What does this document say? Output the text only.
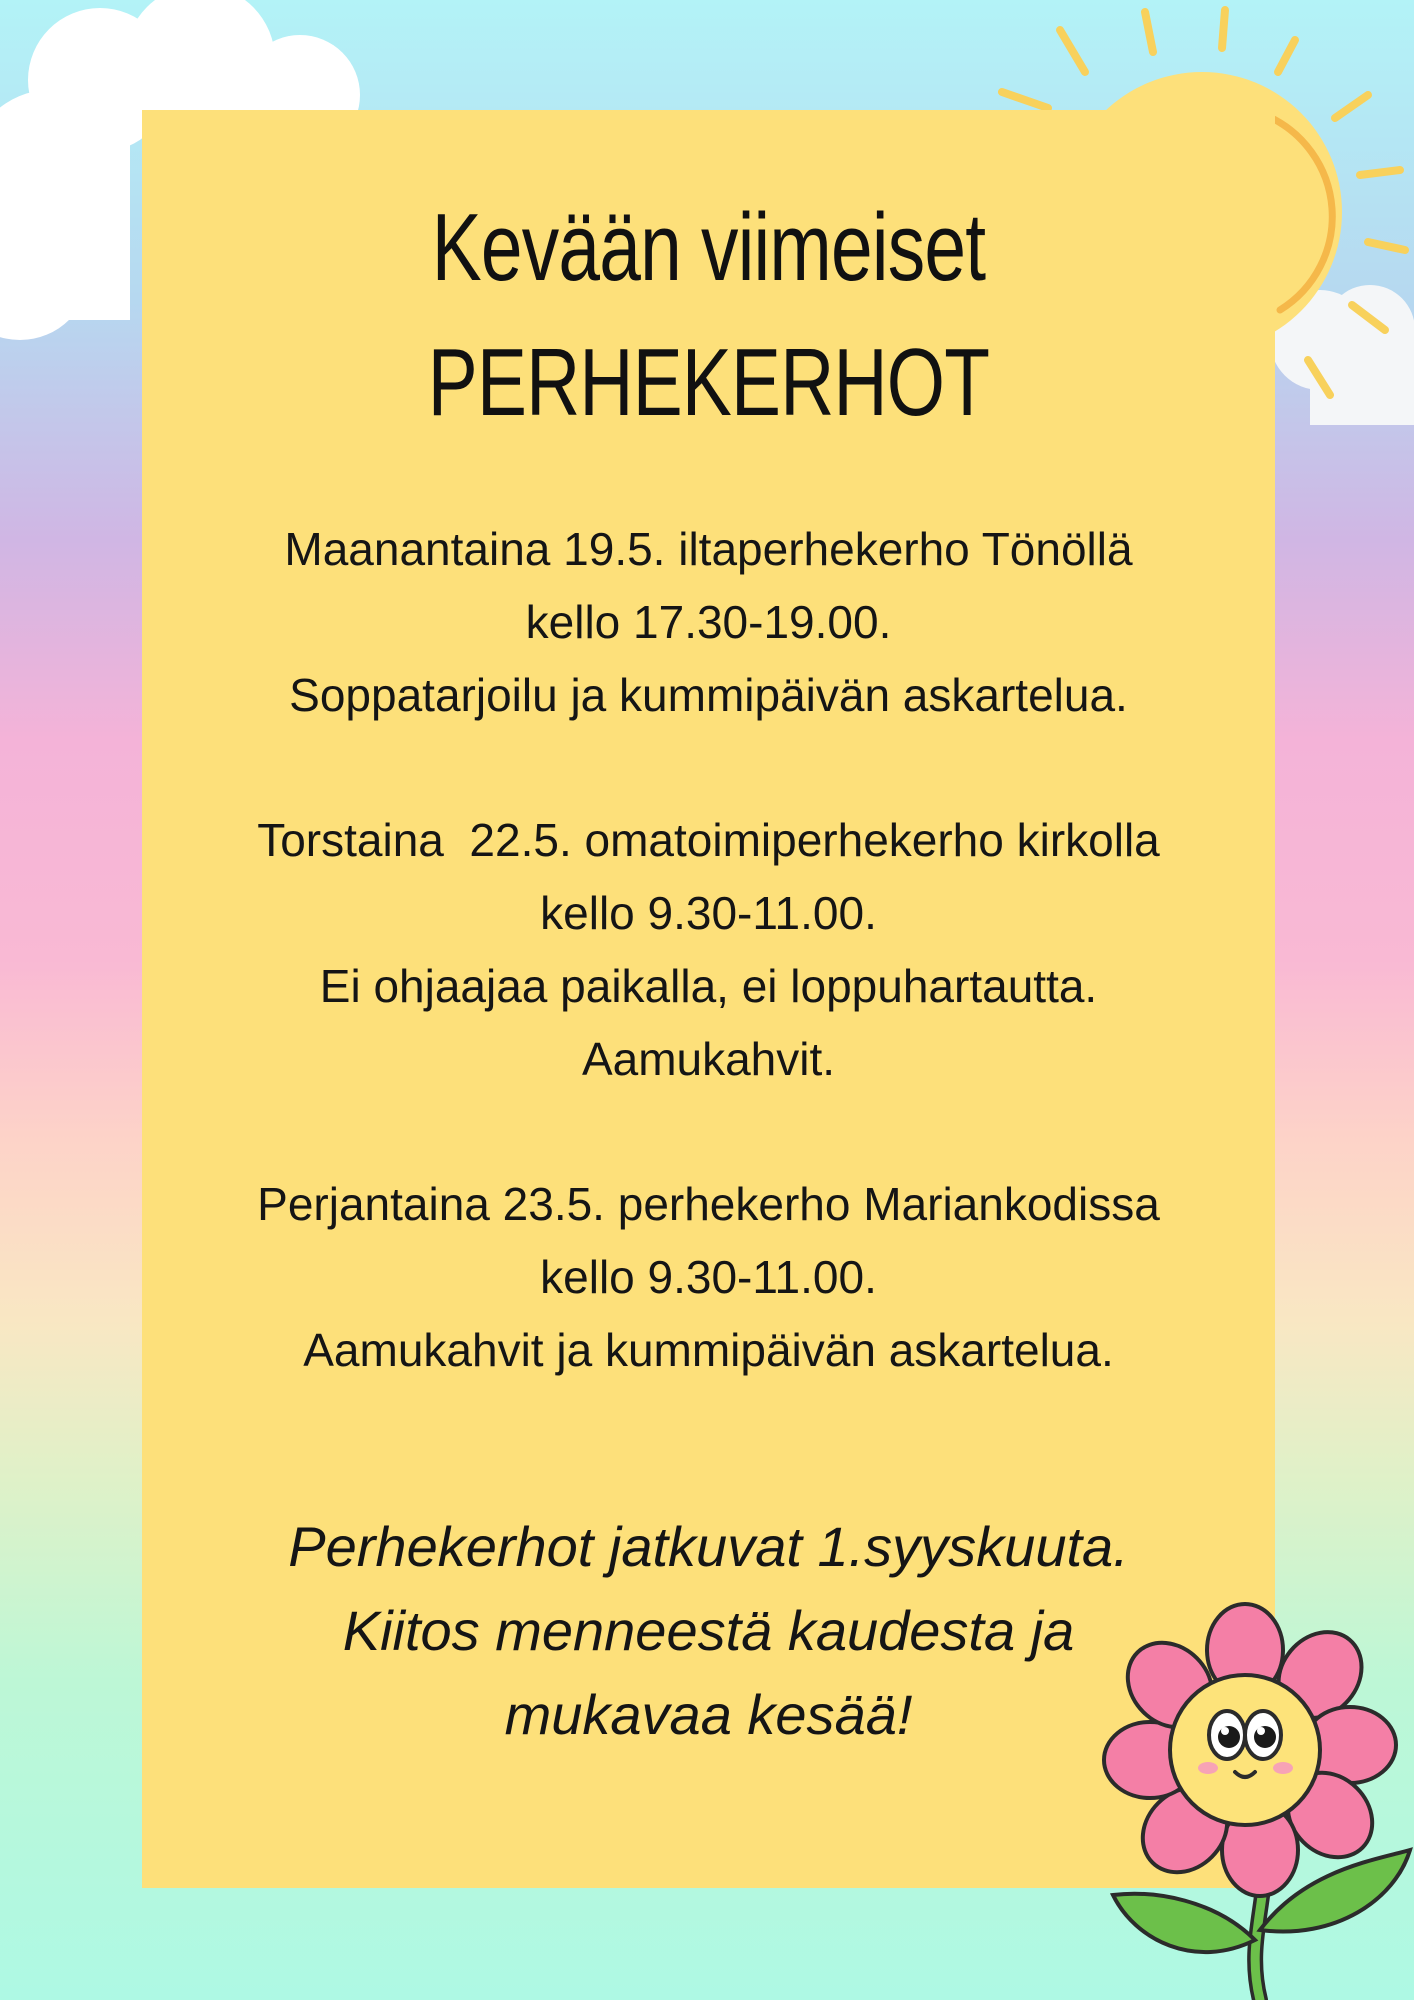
Kevään viimeiset
PERHEKERHOT
Maanantaina 19.5. iltaperhekerho Tönöllä
kello 17.30-19.00.
Soppatarjoilu ja kummipäivän askartelua.
Torstaina  22.5. omatoimiperhekerho kirkolla
kello 9.30-11.00.
Ei ohjaajaa paikalla, ei loppuhartautta.
Aamukahvit.
Perjantaina 23.5. perhekerho Mariankodissa
kello 9.30-11.00.
Aamukahvit ja kummipäivän askartelua.
Perhekerhot jatkuvat 1.syyskuuta.
Kiitos menneestä kaudesta ja
mukavaa kesää!
